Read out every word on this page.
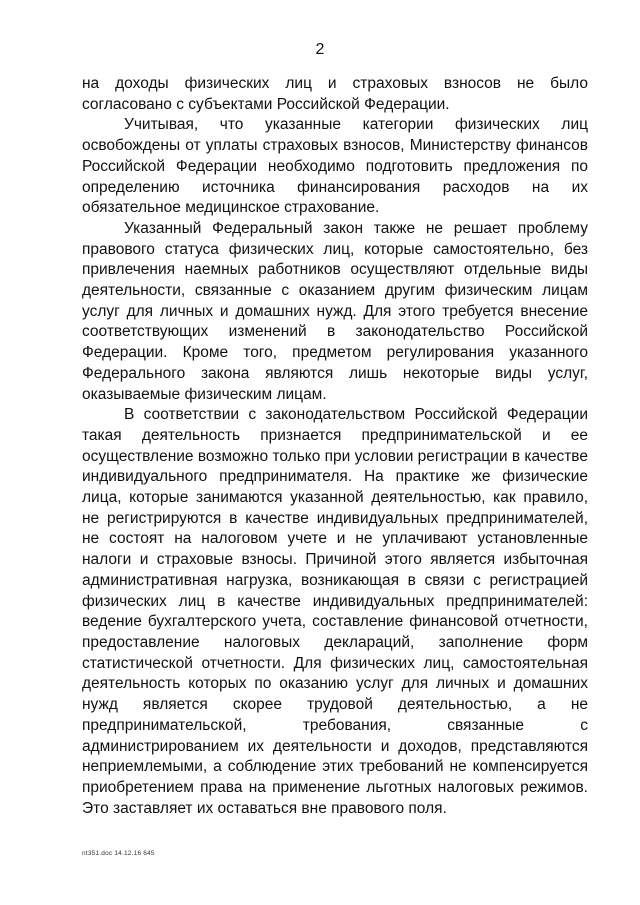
2

на доходы физических лиц и страховых взносов не было согласовано с субъектами Российской Федерации.

Учитывая, что указанные категории физических лиц освобождены от уплаты страховых взносов, Министерству финансов Российской Федерации необходимо подготовить предложения по определению источника финансирования расходов на их обязательное медицинское страхование.

Указанный Федеральный закон также не решает проблему правового статуса физических лиц, которые самостоятельно, без привлечения наемных работников осуществляют отдельные виды деятельности, связанные с оказанием другим физическим лицам услуг для личных и домашних нужд. Для этого требуется внесение соответствующих изменений в законодательство Российской Федерации. Кроме того, предметом регулирования указанного Федерального закона являются лишь некоторые виды услуг, оказываемые физическим лицам.

В соответствии с законодательством Российской Федерации такая деятельность признается предпринимательской и ее осуществление возможно только при условии регистрации в качестве индивидуального предпринимателя. На практике же физические лица, которые занимаются указанной деятельностью, как правило, не регистрируются в качестве индивидуальных предпринимателей, не состоят на налоговом учете и не уплачивают установленные налоги и страховые взносы. Причиной этого является избыточная административная нагрузка, возникающая в связи с регистрацией физических лиц в качестве индивидуальных предпринимателей: ведение бухгалтерского учета, составление финансовой отчетности, предоставление налоговых деклараций, заполнение форм статистической отчетности. Для физических лиц, самостоятельная деятельность которых по оказанию услуг для личных и домашних нужд является скорее трудовой деятельностью, а не предпринимательской, требования, связанные с администрированием их деятельности и доходов, представляются неприемлемыми, а соблюдение этих требований не компенсируется приобретением права на применение льготных налоговых режимов. Это заставляет их оставаться вне правового поля.

nt351.doc 14.12.16 645
